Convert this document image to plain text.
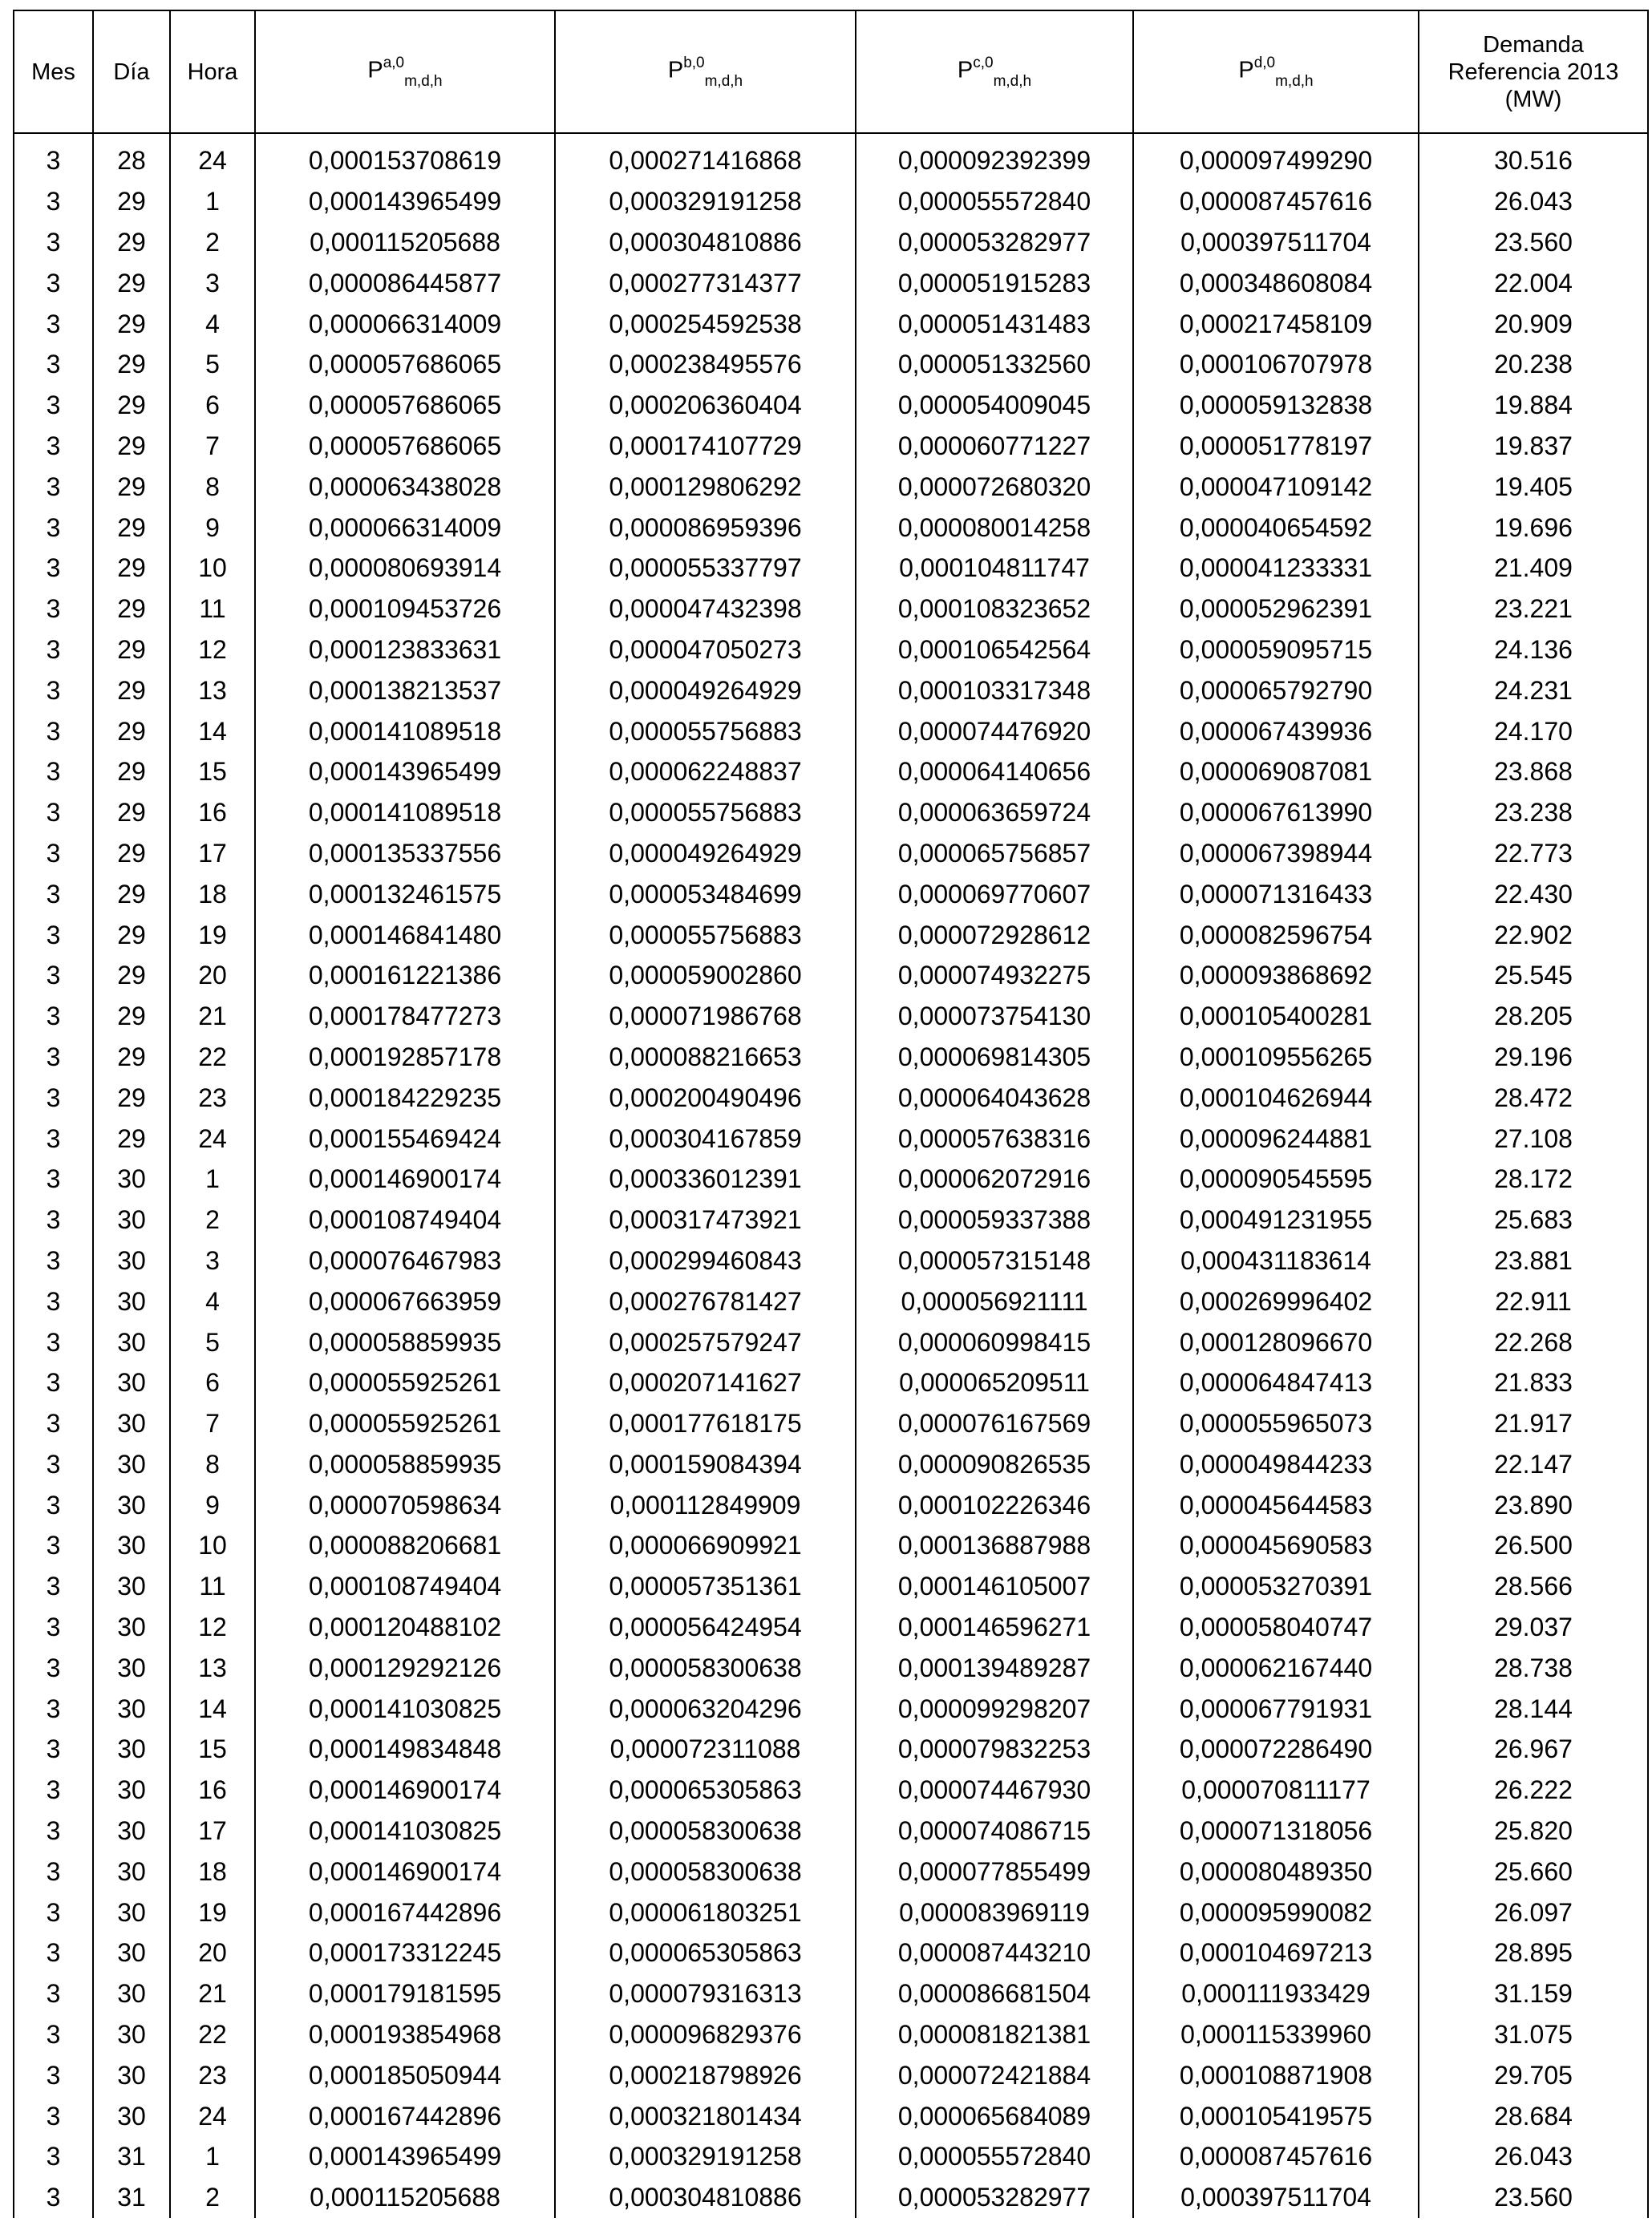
Mes	Día	Hora	P$^{a,0}_{m,d,h}$	P$^{b,0}_{m,d,h}$	P$^{c,0}_{m,d,h}$	P$^{d,0}_{m,d,h}$	Demanda
Referencia 2013
(MW)

3	28	24	0,000153708619	0,000271416868	0,000092392399	0,000097499290	30.516
3	29	1	0,000143965499	0,000329191258	0,000055572840	0,000087457616	26.043
3	29	2	0,000115205688	0,000304810886	0,000053282977	0,000397511704	23.560
3	29	3	0,000086445877	0,000277314377	0,000051915283	0,000348608084	22.004
3	29	4	0,000066314009	0,000254592538	0,000051431483	0,000217458109	20.909
3	29	5	0,000057686065	0,000238495576	0,000051332560	0,000106707978	20.238
3	29	6	0,000057686065	0,000206360404	0,000054009045	0,000059132838	19.884
3	29	7	0,000057686065	0,000174107729	0,000060771227	0,000051778197	19.837
3	29	8	0,000063438028	0,000129806292	0,000072680320	0,000047109142	19.405
3	29	9	0,000066314009	0,000086959396	0,000080014258	0,000040654592	19.696
3	29	10	0,000080693914	0,000055337797	0,000104811747	0,000041233331	21.409
3	29	11	0,000109453726	0,000047432398	0,000108323652	0,000052962391	23.221
3	29	12	0,000123833631	0,000047050273	0,000106542564	0,000059095715	24.136
3	29	13	0,000138213537	0,000049264929	0,000103317348	0,000065792790	24.231
3	29	14	0,000141089518	0,000055756883	0,000074476920	0,000067439936	24.170
3	29	15	0,000143965499	0,000062248837	0,000064140656	0,000069087081	23.868
3	29	16	0,000141089518	0,000055756883	0,000063659724	0,000067613990	23.238
3	29	17	0,000135337556	0,000049264929	0,000065756857	0,000067398944	22.773
3	29	18	0,000132461575	0,000053484699	0,000069770607	0,000071316433	22.430
3	29	19	0,000146841480	0,000055756883	0,000072928612	0,000082596754	22.902
3	29	20	0,000161221386	0,000059002860	0,000074932275	0,000093868692	25.545
3	29	21	0,000178477273	0,000071986768	0,000073754130	0,000105400281	28.205
3	29	22	0,000192857178	0,000088216653	0,000069814305	0,000109556265	29.196
3	29	23	0,000184229235	0,000200490496	0,000064043628	0,000104626944	28.472
3	29	24	0,000155469424	0,000304167859	0,000057638316	0,000096244881	27.108
3	30	1	0,000146900174	0,000336012391	0,000062072916	0,000090545595	28.172
3	30	2	0,000108749404	0,000317473921	0,000059337388	0,000491231955	25.683
3	30	3	0,000076467983	0,000299460843	0,000057315148	0,000431183614	23.881
3	30	4	0,000067663959	0,000276781427	0,000056921111	0,000269996402	22.911
3	30	5	0,000058859935	0,000257579247	0,000060998415	0,000128096670	22.268
3	30	6	0,000055925261	0,000207141627	0,000065209511	0,000064847413	21.833
3	30	7	0,000055925261	0,000177618175	0,000076167569	0,000055965073	21.917
3	30	8	0,000058859935	0,000159084394	0,000090826535	0,000049844233	22.147
3	30	9	0,000070598634	0,000112849909	0,000102226346	0,000045644583	23.890
3	30	10	0,000088206681	0,000066909921	0,000136887988	0,000045690583	26.500
3	30	11	0,000108749404	0,000057351361	0,000146105007	0,000053270391	28.566
3	30	12	0,000120488102	0,000056424954	0,000146596271	0,000058040747	29.037
3	30	13	0,000129292126	0,000058300638	0,000139489287	0,000062167440	28.738
3	30	14	0,000141030825	0,000063204296	0,000099298207	0,000067791931	28.144
3	30	15	0,000149834848	0,000072311088	0,000079832253	0,000072286490	26.967
3	30	16	0,000146900174	0,000065305863	0,000074467930	0,000070811177	26.222
3	30	17	0,000141030825	0,000058300638	0,000074086715	0,000071318056	25.820
3	30	18	0,000146900174	0,000058300638	0,000077855499	0,000080489350	25.660
3	30	19	0,000167442896	0,000061803251	0,000083969119	0,000095990082	26.097
3	30	20	0,000173312245	0,000065305863	0,000087443210	0,000104697213	28.895
3	30	21	0,000179181595	0,000079316313	0,000086681504	0,000111933429	31.159
3	30	22	0,000193854968	0,000096829376	0,000081821381	0,000115339960	31.075
3	30	23	0,000185050944	0,000218798926	0,000072421884	0,000108871908	29.705
3	30	24	0,000167442896	0,000321801434	0,000065684089	0,000105419575	28.684
3	31	1	0,000143965499	0,000329191258	0,000055572840	0,000087457616	26.043
3	31	2	0,000115205688	0,000304810886	0,000053282977	0,000397511704	23.560
